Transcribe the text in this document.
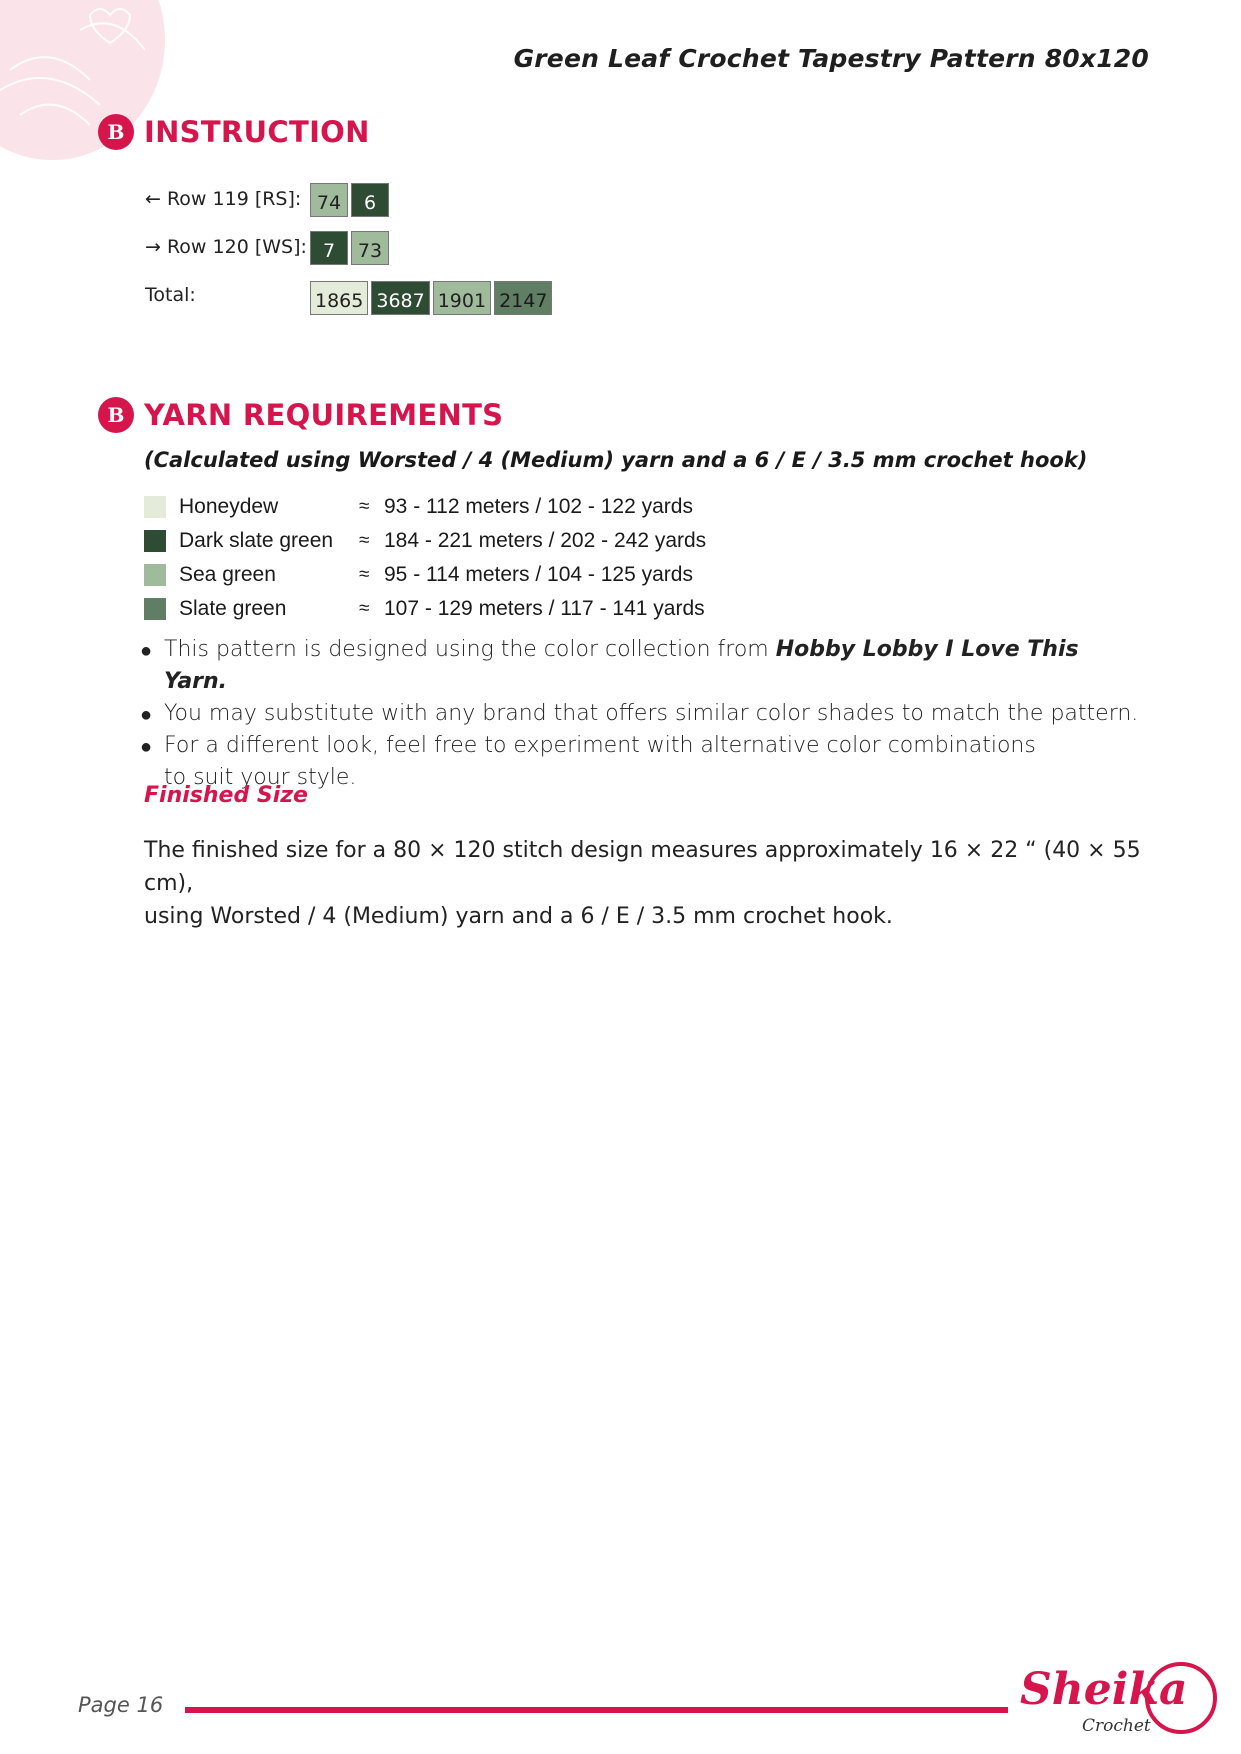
Green Leaf Crochet Tapestry Pattern 80x120
B INSTRUCTION
← Row 119 [RS]: 74	6
→ Row 120 [WS]: 7	73
Total:	1865 3687 1901 2147
B YARN REQUIREMENTS
(Calculated using Worsted / 4 (Medium) yarn and a 6 / E / 3.5 mm crochet hook)
Honeydew	≈ 93 - 112 meters / 102 - 122 yards
Dark slate green	≈ 184 - 221 meters / 202 - 242 yards
Sea green	≈ 95 - 114 meters / 104 - 125 yards
Slate green	≈ 107 - 129 meters / 117 - 141 yards
● This pattern is designed using the color collection from Hobby Lobby I Love This Yarn.
● You may substitute with any brand that offers similar color shades to match the pattern.
● For a different look, feel free to experiment with alternative color combinations
to suit your style.
Finished Size
The finished size for a 80 × 120 stitch design measures approximately 16 × 22 “ (40 × 55 cm),
using Worsted / 4 (Medium) yarn and a 6 / E / 3.5 mm crochet hook.
Page 16	Sheika
Crochet
